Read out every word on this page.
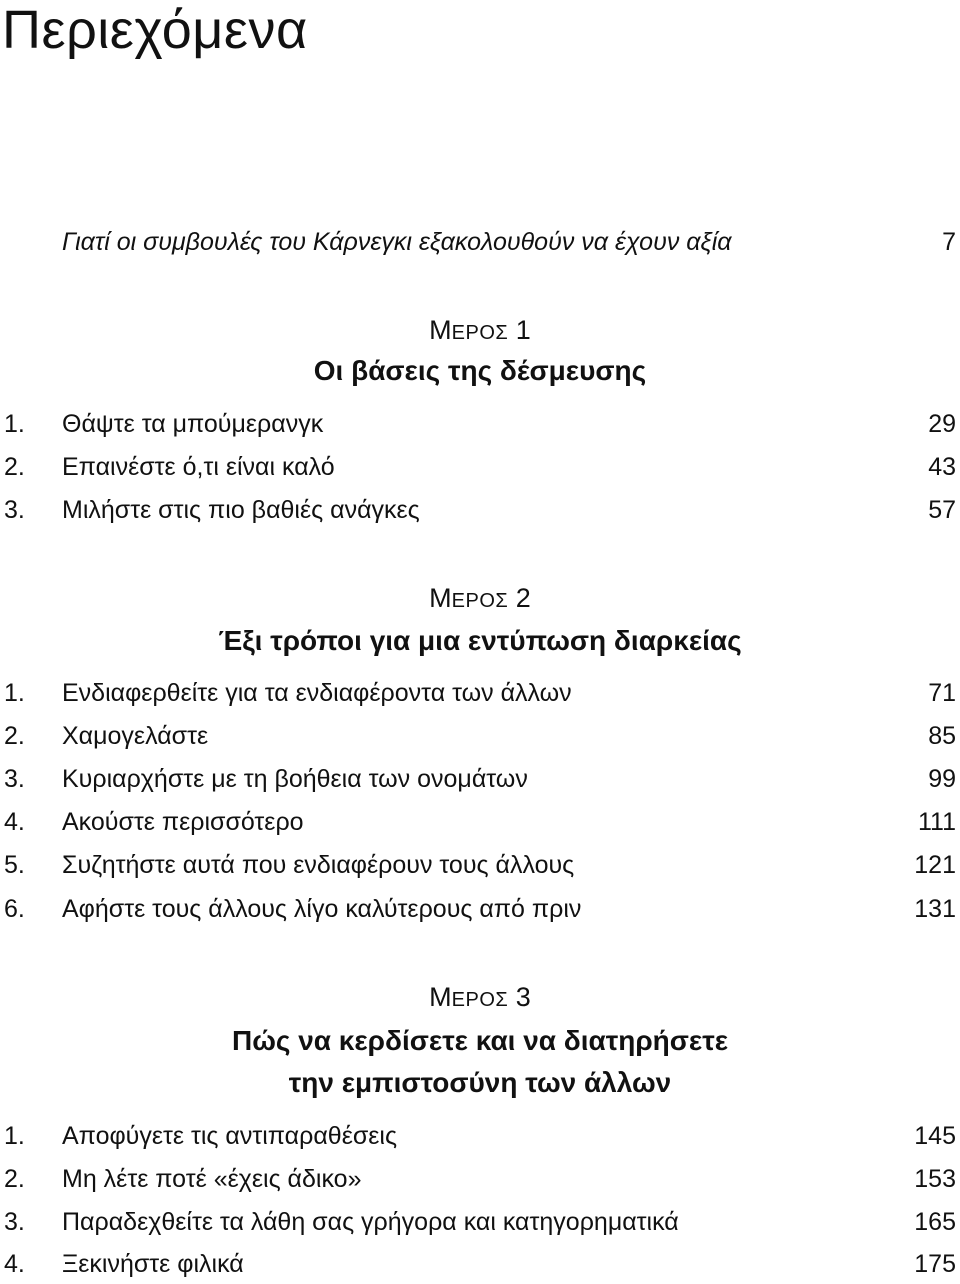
Περιεχόμενα
Γιατί οι συμβουλές του Κάρνεγκι εξακολουθούν να έχουν αξία	7
ΜΕΡΟΣ 1
Οι βάσεις της δέσμευσης
1.	Θάψτε τα μπούμερανγκ	29
2.	Επαινέστε ό,τι είναι καλό	43
3.	Μιλήστε στις πιο βαθιές ανάγκες	57
ΜΕΡΟΣ 2
Έξι τρόποι για μια εντύπωση διαρκείας
1.	Ενδιαφερθείτε για τα ενδιαφέροντα των άλλων	71
2.	Χαμογελάστε	85
3.	Κυριαρχήστε με τη βοήθεια των ονομάτων	99
4.	Ακούστε περισσότερο	111
5.	Συζητήστε αυτά που ενδιαφέρουν τους άλλους	121
6.	Αφήστε τους άλλους λίγο καλύτερους από πριν	131
ΜΕΡΟΣ 3
Πώς να κερδίσετε και να διατηρήσετε
την εμπιστοσύνη των άλλων
1.	Αποφύγετε τις αντιπαραθέσεις	145
2.	Μη λέτε ποτέ «έχεις άδικο»	153
3.	Παραδεχθείτε τα λάθη σας γρήγορα και κατηγορηματικά	165
4.	Ξεκινήστε φιλικά	175
